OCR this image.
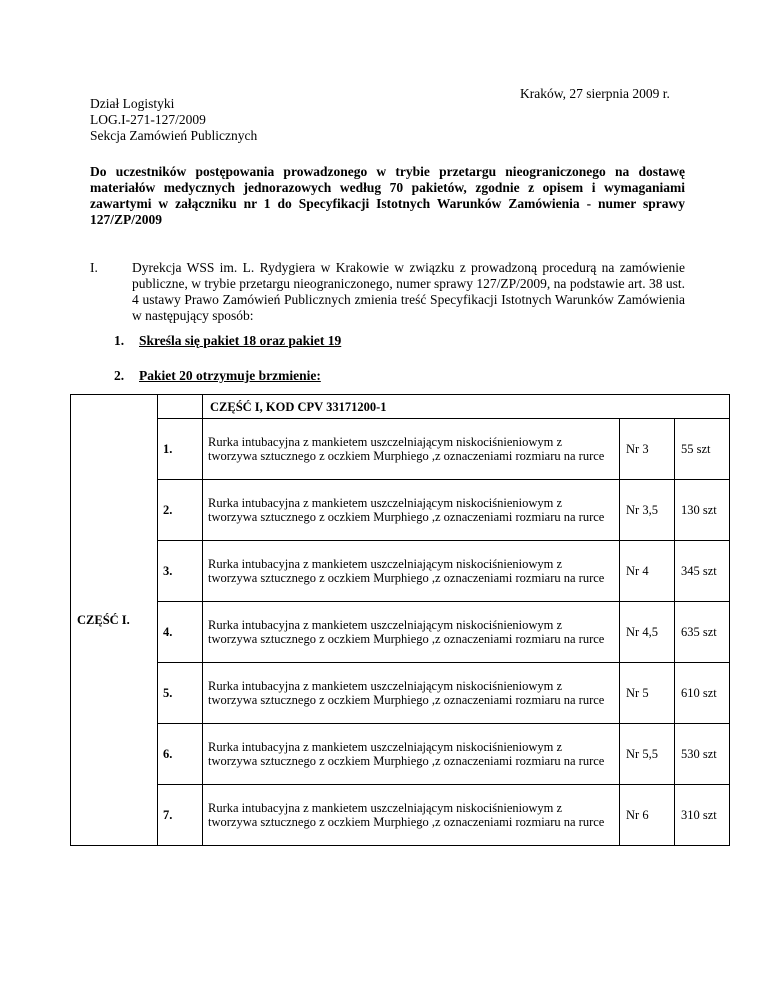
Kraków, 27 sierpnia 2009 r.
Dział Logistyki
LOG.I-271-127/2009
Sekcja Zamówień Publicznych
Do uczestników postępowania prowadzonego w trybie przetargu nieograniczonego na dostawę materiałów medycznych jednorazowych według 70 pakietów, zgodnie z opisem i wymaganiami zawartymi w załączniku nr 1 do Specyfikacji Istotnych Warunków Zamówienia - numer sprawy 127/ZP/2009
I.	Dyrekcja WSS im. L. Rydygiera w Krakowie w związku z prowadzoną procedurą na zamówienie publiczne, w trybie przetargu nieograniczonego, numer sprawy 127/ZP/2009, na podstawie art. 38 ust. 4 ustawy Prawo Zamówień Publicznych zmienia treść Specyfikacji Istotnych Warunków Zamówienia w następujący sposób:
1. Skreśla się pakiet 18 oraz pakiet 19
2. Pakiet 20 otrzymuje brzmienie:
CZĘŚĆ I.		CZĘŚĆ I, KOD CPV 33171200-1		
	1.	Rurka intubacyjna z mankietem uszczelniającym niskociśnieniowym z tworzywa sztucznego z oczkiem Murphiego ,z oznaczeniami rozmiaru na rurce	Nr 3	55 szt
	2.	Rurka intubacyjna z mankietem uszczelniającym niskociśnieniowym z tworzywa sztucznego z oczkiem Murphiego ,z oznaczeniami rozmiaru na rurce	Nr 3,5	130 szt
	3.	Rurka intubacyjna z mankietem uszczelniającym niskociśnieniowym z tworzywa sztucznego z oczkiem Murphiego ,z oznaczeniami rozmiaru na rurce	Nr 4	345 szt
	4.	Rurka intubacyjna z mankietem uszczelniającym niskociśnieniowym z tworzywa sztucznego z oczkiem Murphiego ,z oznaczeniami rozmiaru na rurce	Nr 4,5	635 szt
	5.	Rurka intubacyjna z mankietem uszczelniającym niskociśnieniowym z tworzywa sztucznego z oczkiem Murphiego ,z oznaczeniami rozmiaru na rurce	Nr 5	610 szt
	6.	Rurka intubacyjna z mankietem uszczelniającym niskociśnieniowym z tworzywa sztucznego z oczkiem Murphiego ,z oznaczeniami rozmiaru na rurce	Nr 5,5	530 szt
	7.	Rurka intubacyjna z mankietem uszczelniającym niskociśnieniowym z tworzywa sztucznego z oczkiem Murphiego ,z oznaczeniami rozmiaru na rurce	Nr 6	310 szt
